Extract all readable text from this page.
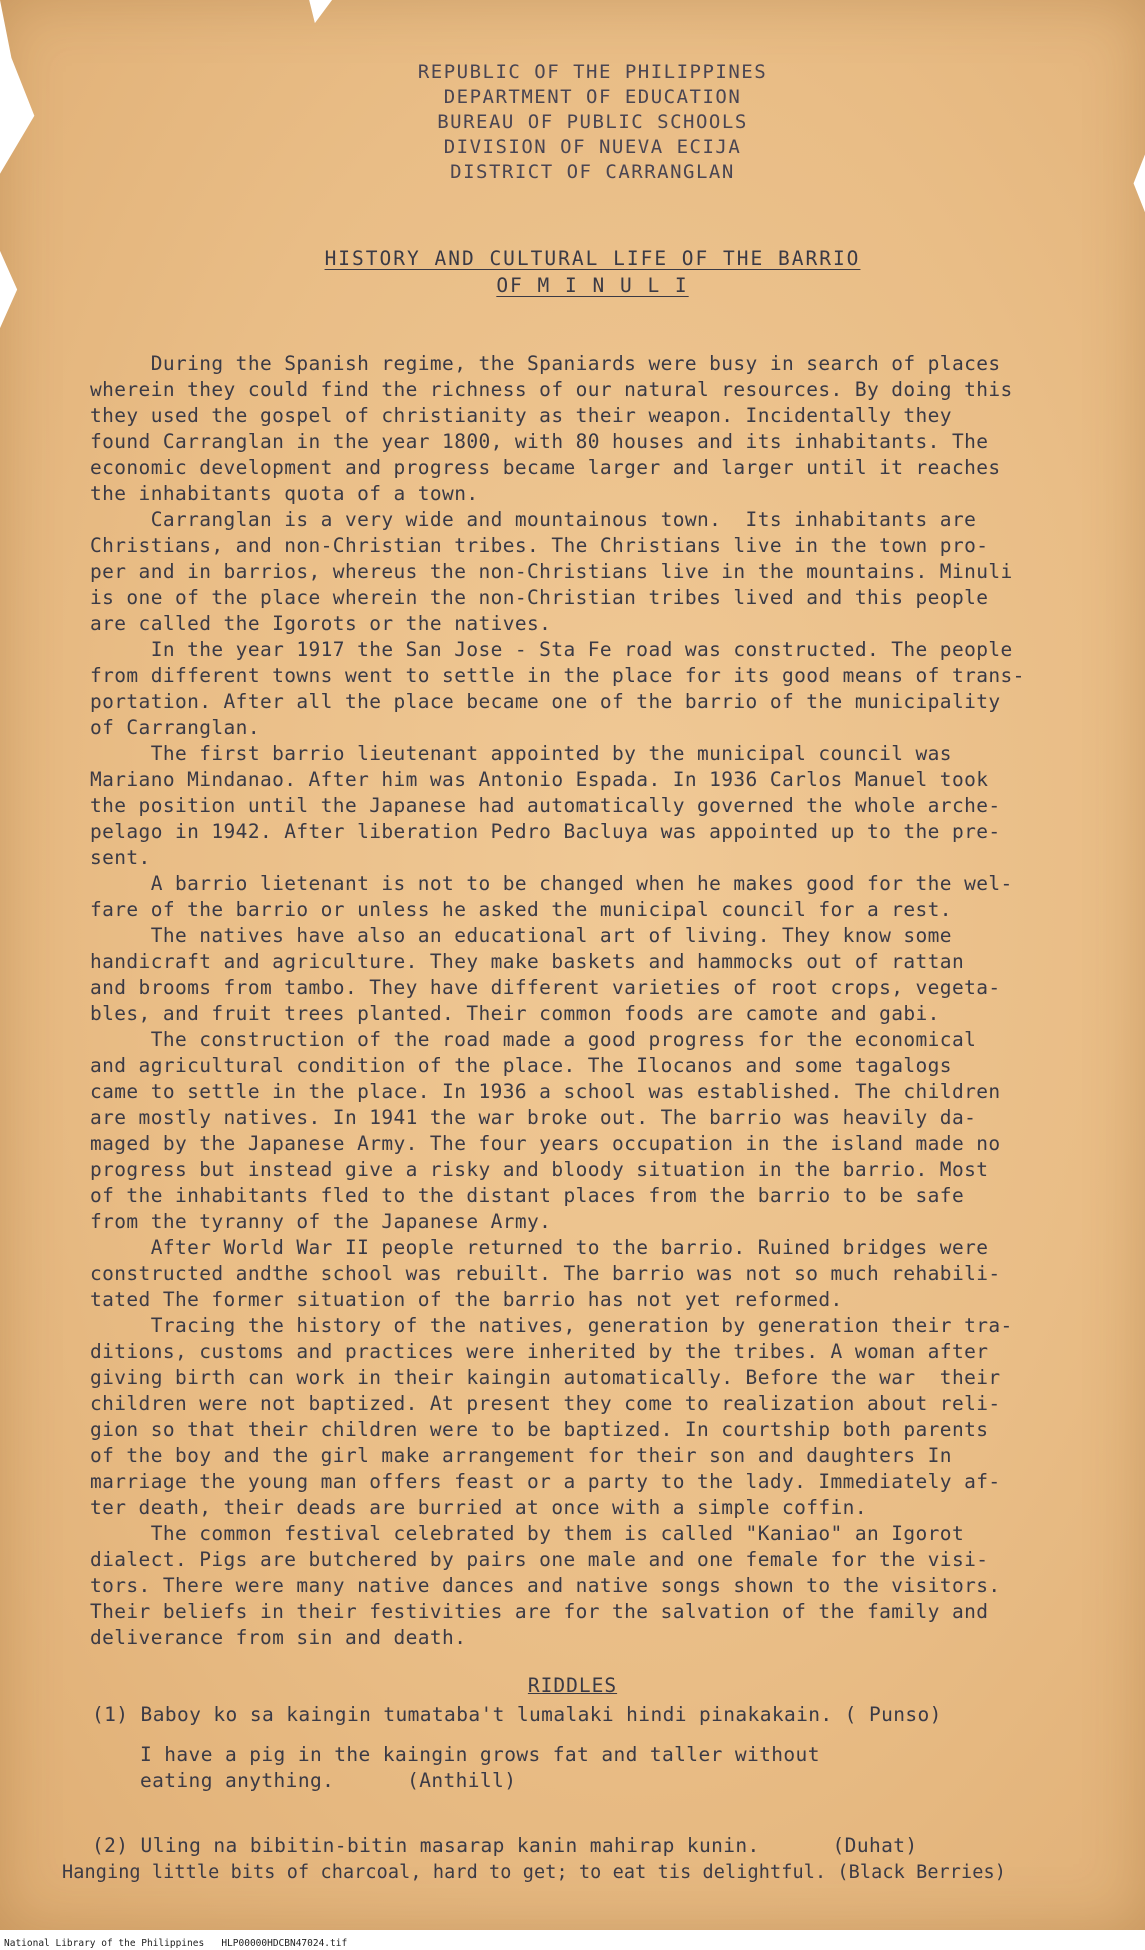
REPUBLIC OF THE PHILIPPINES
DEPARTMENT OF EDUCATION
BUREAU OF PUBLIC SCHOOLS
DIVISION OF NUEVA ECIJA
DISTRICT OF CARRANGLAN
HISTORY AND CULTURAL LIFE OF THE BARRIO
OF M I N U L I
During the Spanish regime, the Spaniards were busy in search of places
wherein they could find the richness of our natural resources. By doing this
they used the gospel of christianity as their weapon. Incidentally they
found Carranglan in the year 1800, with 80 houses and its inhabitants. The
economic development and progress became larger and larger until it reaches
the inhabitants quota of a town.
Carranglan is a very wide and mountainous town.  Its inhabitants are
Christians, and non-Christian tribes. The Christians live in the town pro-
per and in barrios, whereus the non-Christians live in the mountains. Minuli
is one of the place wherein the non-Christian tribes lived and this people
are called the Igorots or the natives.
In the year 1917 the San Jose - Sta Fe road was constructed. The people
from different towns went to settle in the place for its good means of trans-
portation. After all the place became one of the barrio of the municipality
of Carranglan.
The first barrio lieutenant appointed by the municipal council was
Mariano Mindanao. After him was Antonio Espada. In 1936 Carlos Manuel took
the position until the Japanese had automatically governed the whole arche-
pelago in 1942. After liberation Pedro Bacluya was appointed up to the pre-
sent.
A barrio lietenant is not to be changed when he makes good for the wel-
fare of the barrio or unless he asked the municipal council for a rest.
The natives have also an educational art of living. They know some
handicraft and agriculture. They make baskets and hammocks out of rattan
and brooms from tambo. They have different varieties of root crops, vegeta-
bles, and fruit trees planted. Their common foods are camote and gabi.
The construction of the road made a good progress for the economical
and agricultural condition of the place. The Ilocanos and some tagalogs
came to settle in the place. In 1936 a school was established. The children
are mostly natives. In 1941 the war broke out. The barrio was heavily da-
maged by the Japanese Army. The four years occupation in the island made no
progress but instead give a risky and bloody situation in the barrio. Most
of the inhabitants fled to the distant places from the barrio to be safe
from the tyranny of the Japanese Army.
After World War II people returned to the barrio. Ruined bridges were
constructed andthe school was rebuilt. The barrio was not so much rehabili-
tated The former situation of the barrio has not yet reformed.
Tracing the history of the natives, generation by generation their tra-
ditions, customs and practices were inherited by the tribes. A woman after
giving birth can work in their kaingin automatically. Before the war  their
children were not baptized. At present they come to realization about reli-
gion so that their children were to be baptized. In courtship both parents
of the boy and the girl make arrangement for their son and daughters In
marriage the young man offers feast or a party to the lady. Immediately af-
ter death, their deads are burried at once with a simple coffin.
The common festival celebrated by them is called "Kaniao" an Igorot
dialect. Pigs are butchered by pairs one male and one female for the visi-
tors. There were many native dances and native songs shown to the visitors.
Their beliefs in their festivities are for the salvation of the family and
deliverance from sin and death.
RIDDLES
(1) Baboy ko sa kaingin tumataba't lumalaki hindi pinakakain. ( Punso)
I have a pig in the kaingin grows fat and taller without
eating anything.      (Anthill)
(2) Uling na bibitin-bitin masarap kanin mahirap kunin.      (Duhat)
Hanging little bits of charcoal, hard to get; to eat tis delightful. (Black Berries)
National Library of the Philippines   HLP00000HDCBN47024.tif
